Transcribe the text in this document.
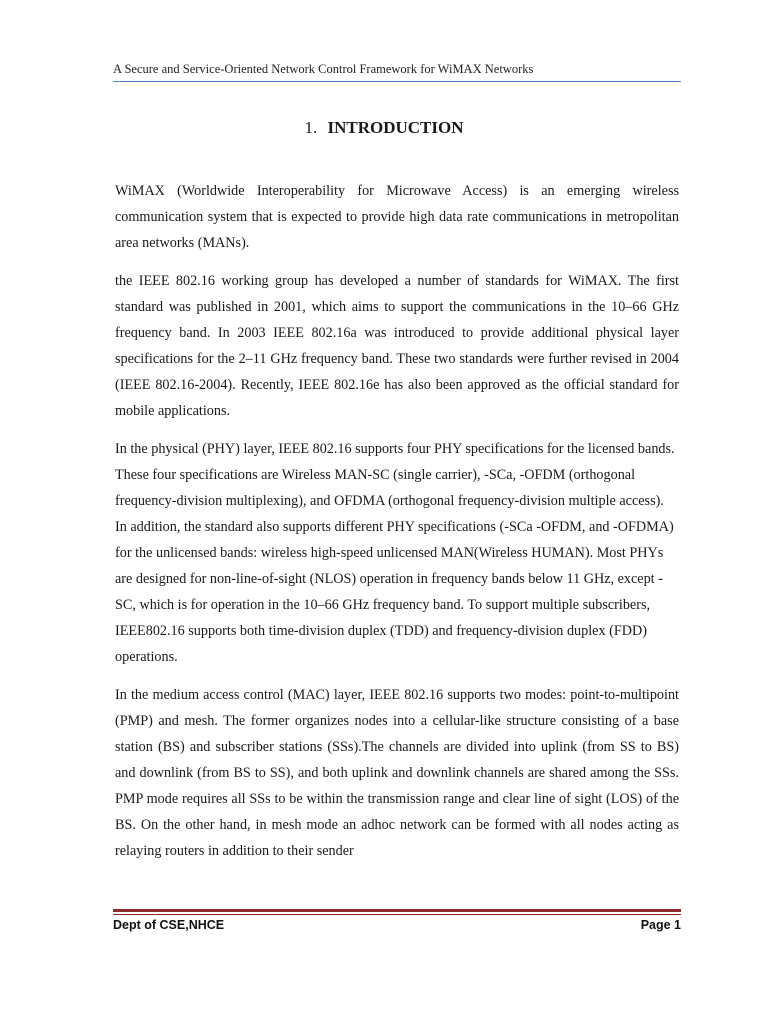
A Secure and Service-Oriented Network Control Framework for WiMAX Networks
1. INTRODUCTION

WiMAX (Worldwide Interoperability for Microwave Access) is an emerging wireless communication system that is expected to provide high data rate communications in metropolitan area networks (MANs).

the IEEE 802.16 working group has developed a number of standards for WiMAX. The first standard was published in 2001, which aims to support the communications in the 10–66 GHz frequency band. In 2003 IEEE 802.16a was introduced to provide additional physical layer specifications for the 2–11 GHz frequency band. These two standards were further revised in 2004 (IEEE 802.16-2004). Recently, IEEE 802.16e has also been approved as the official standard for mobile applications.

In the physical (PHY) layer, IEEE 802.16 supports four PHY specifications for the licensed bands. These four specifications are Wireless MAN-SC (single carrier), -SCa, -OFDM (orthogonal frequency-division multiplexing), and OFDMA (orthogonal frequency-division multiple access). In addition, the standard also supports different PHY specifications (-SCa -OFDM, and -OFDMA) for the unlicensed bands: wireless high-speed unlicensed MAN(Wireless HUMAN). Most PHYs are designed for non-line-of-sight (NLOS) operation in frequency bands below 11 GHz, except -SC, which is for operation in the 10–66 GHz frequency band. To support multiple subscribers, IEEE802.16 supports both time-division duplex (TDD) and frequency-division duplex (FDD) operations.

In the medium access control (MAC) layer, IEEE 802.16 supports two modes: point-to-multipoint (PMP) and mesh. The former organizes nodes into a cellular-like structure consisting of a base station (BS) and subscriber stations (SSs).The channels are divided into uplink (from SS to BS) and downlink (from BS to SS), and both uplink and downlink channels are shared among the SSs. PMP mode requires all SSs to be within the transmission range and clear line of sight (LOS) of the BS. On the other hand, in mesh mode an adhoc network can be formed with all nodes acting as relaying routers in addition to their sender

Dept of CSE,NHCE	Page 1
